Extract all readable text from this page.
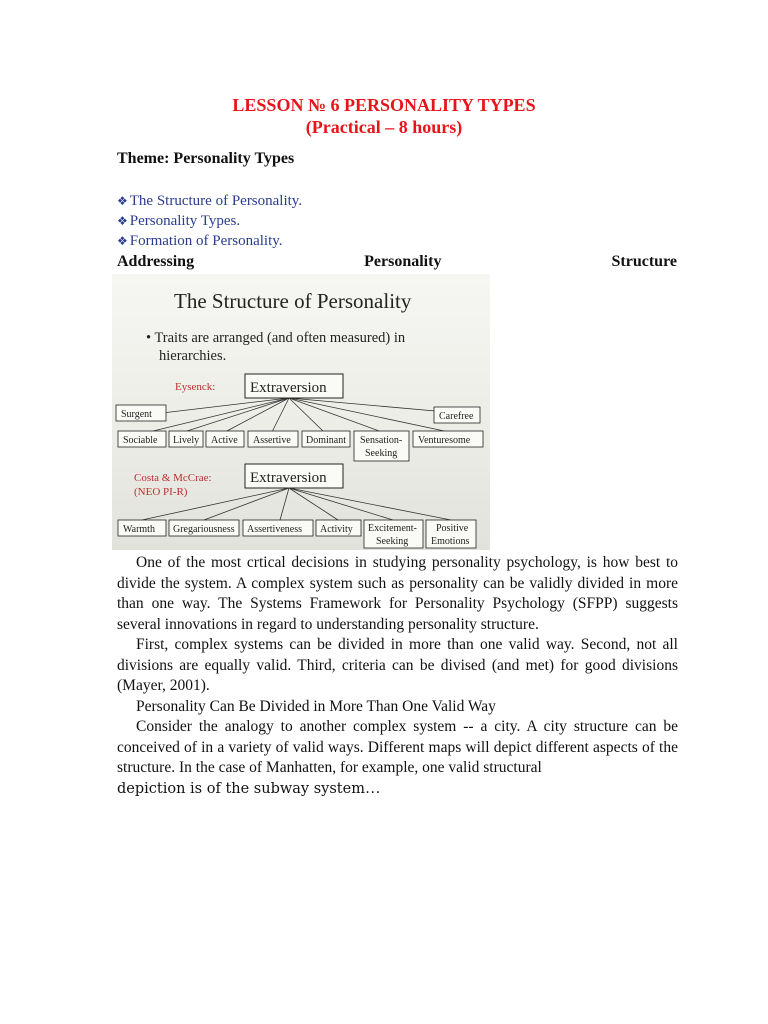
LESSON № 6 PERSONALITY TYPES
(Practical – 8 hours)
Theme: Personality Types
❖ The Structure of Personality.
❖ Personality Types.
❖ Formation of Personality.
Addressing	Personality	Structure
The Structure of Personality
• Traits are arranged (and often measured) in
hierarchies.
Eysenck: Extraversion
Surgent	Carefree
Sociable Lively Active Assertive Dominant Sensation-
Seeking
Venturesome
Costa & McCrae:
(NEO PI-R)
Extraversion
Warmth Gregariousness Assertiveness Activity Excitement-
Seeking
Positive
Emotions

One of the most crtical decisions in studying personality psychology, is how best to divide the system. A complex system such as personality can be validly divided in more than one way. The Systems Framework for Personality Psychology (SFPP) suggests several innovations in regard to understanding personality structure.

First, complex systems can be divided in more than one valid way. Second, not all divisions are equally valid. Third, criteria can be divised (and met) for good divisions (Mayer, 2001).

Personality Can Be Divided in More Than One Valid Way

Consider the analogy to another complex system -- a city. A city structure can be conceived of in a variety of valid ways. Different maps will depict different aspects of the structure. In the case of Manhatten, for example, one valid structural

depiction is of the subway system…
